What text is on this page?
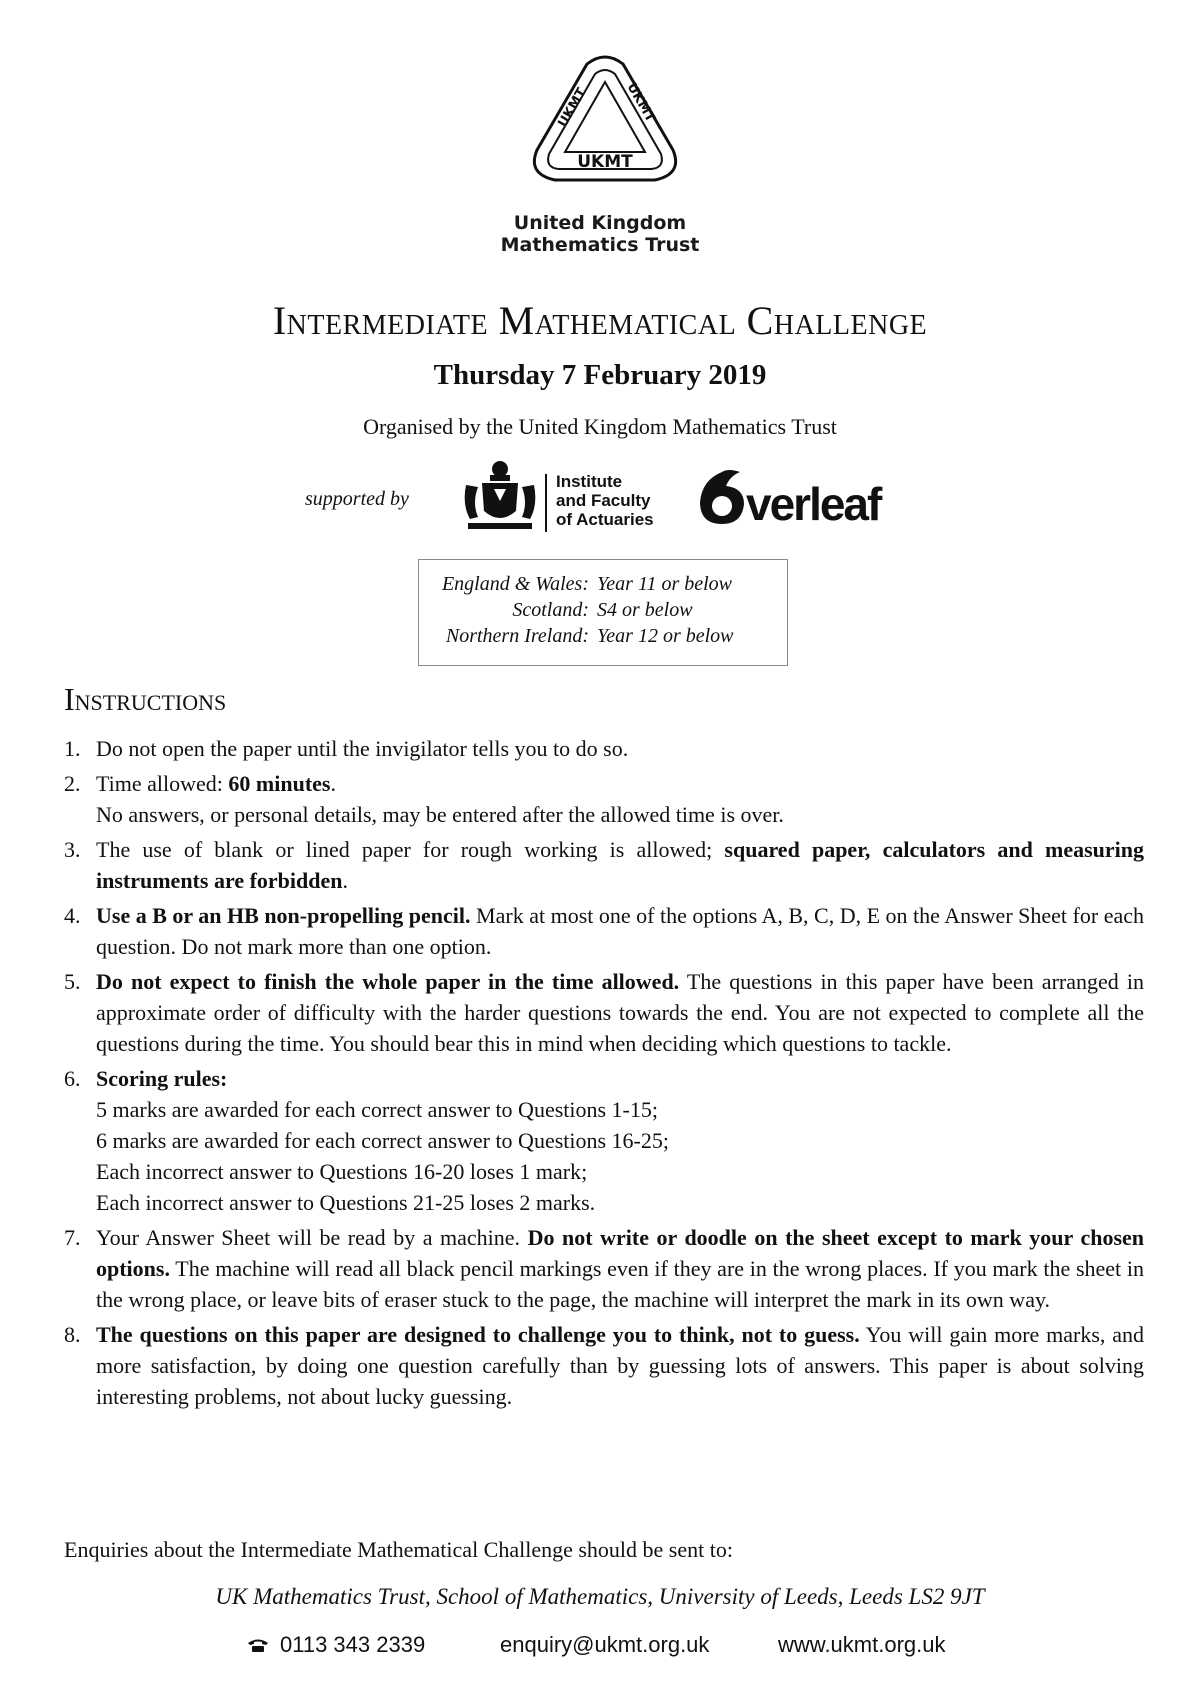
UKMT
UKMT	UKMT
United Kingdom
Mathematics Trust
Intermediate Mathematical Challenge
Thursday 7 February 2019
Organised by the United Kingdom Mathematics Trust
supported by
Institute
and Faculty
of Actuaries verleaf
England & Wales: Year 11 or below
Scotland: S4 or below
Northern Ireland: Year 12 or below
Instructions
1. Do not open the paper until the invigilator tells you to do so.
2. Time allowed: 60 minutes.
No answers, or personal details, may be entered after the allowed time is over.
3. The use of blank or lined paper for rough working is allowed; squared paper, calculators and measuring instruments are forbidden.
4. Use a B or an HB non-propelling pencil. Mark at most one of the options A, B, C, D, E on the Answer Sheet for each question. Do not mark more than one option.
5. Do not expect to finish the whole paper in the time allowed. The questions in this paper have been arranged in approximate order of difficulty with the harder questions towards the end. You are not expected to complete all the questions during the time. You should bear this in mind when deciding which questions to tackle.
6. Scoring rules:
5 marks are awarded for each correct answer to Questions 1-15;
6 marks are awarded for each correct answer to Questions 16-25;
Each incorrect answer to Questions 16-20 loses 1 mark;
Each incorrect answer to Questions 21-25 loses 2 marks.
7. Your Answer Sheet will be read by a machine. Do not write or doodle on the sheet except to mark your chosen options. The machine will read all black pencil markings even if they are in the wrong places. If you mark the sheet in the wrong place, or leave bits of eraser stuck to the page, the machine will interpret the mark in its own way.
8. The questions on this paper are designed to challenge you to think, not to guess. You will gain more marks, and more satisfaction, by doing one question carefully than by guessing lots of answers. This paper is about solving interesting problems, not about lucky guessing.
Enquiries about the Intermediate Mathematical Challenge should be sent to:
UK Mathematics Trust, School of Mathematics, University of Leeds, Leeds LS2 9JT
0113 343 2339	enquiry@ukmt.org.uk	www.ukmt.org.uk
